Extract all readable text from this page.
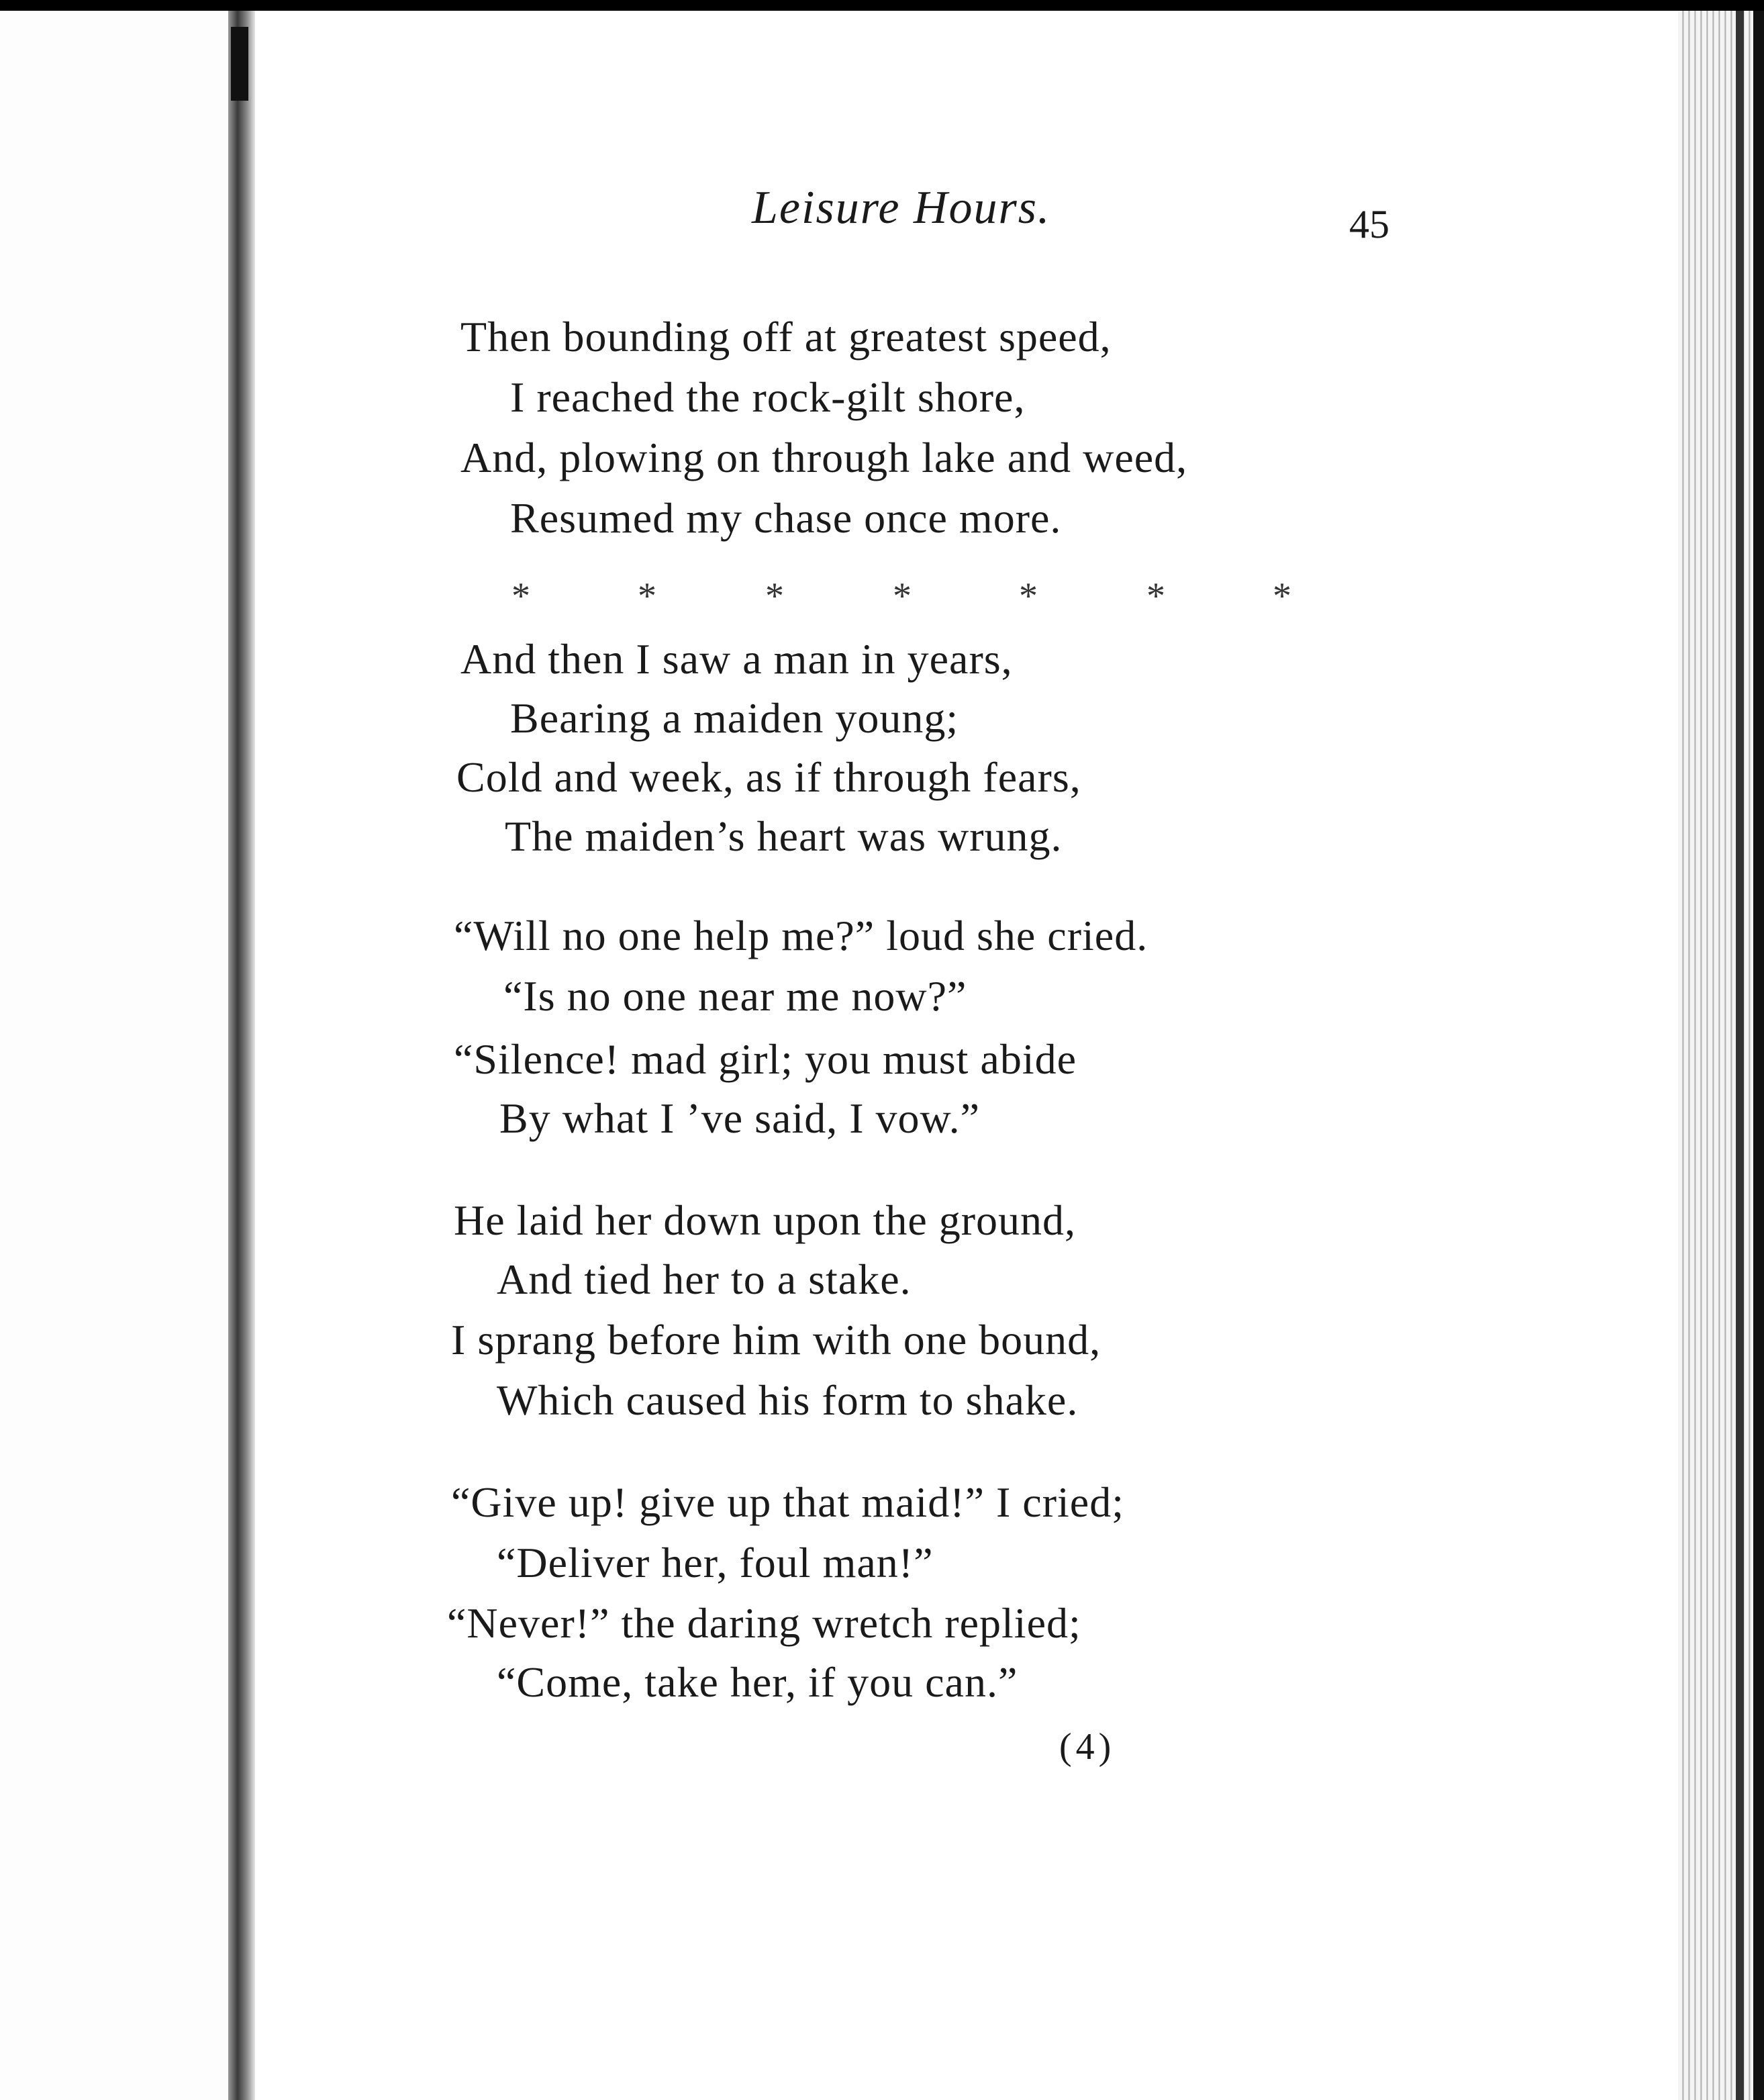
Leisure Hours.	45
Then bounding off at greatest speed,
I reached the rock-gilt shore,
And, plowing on through lake and weed,
Resumed my chase once more.
*	*	*	*	*	*	*
And then I saw a man in years,
Bearing a maiden young;
Cold and week, as if through fears,
The maiden’s heart was wrung.
“Will no one help me?” loud she cried.
“Is no one near me now?”
“Silence! mad girl; you must abide
By what I ’ve said, I vow.”
He laid her down upon the ground,
And tied her to a stake.
I sprang before him with one bound,
Which caused his form to shake.
“Give up! give up that maid!” I cried;
“Deliver her, foul man!”
“Never!” the daring wretch replied;
“Come, take her, if you can.”
(4)
